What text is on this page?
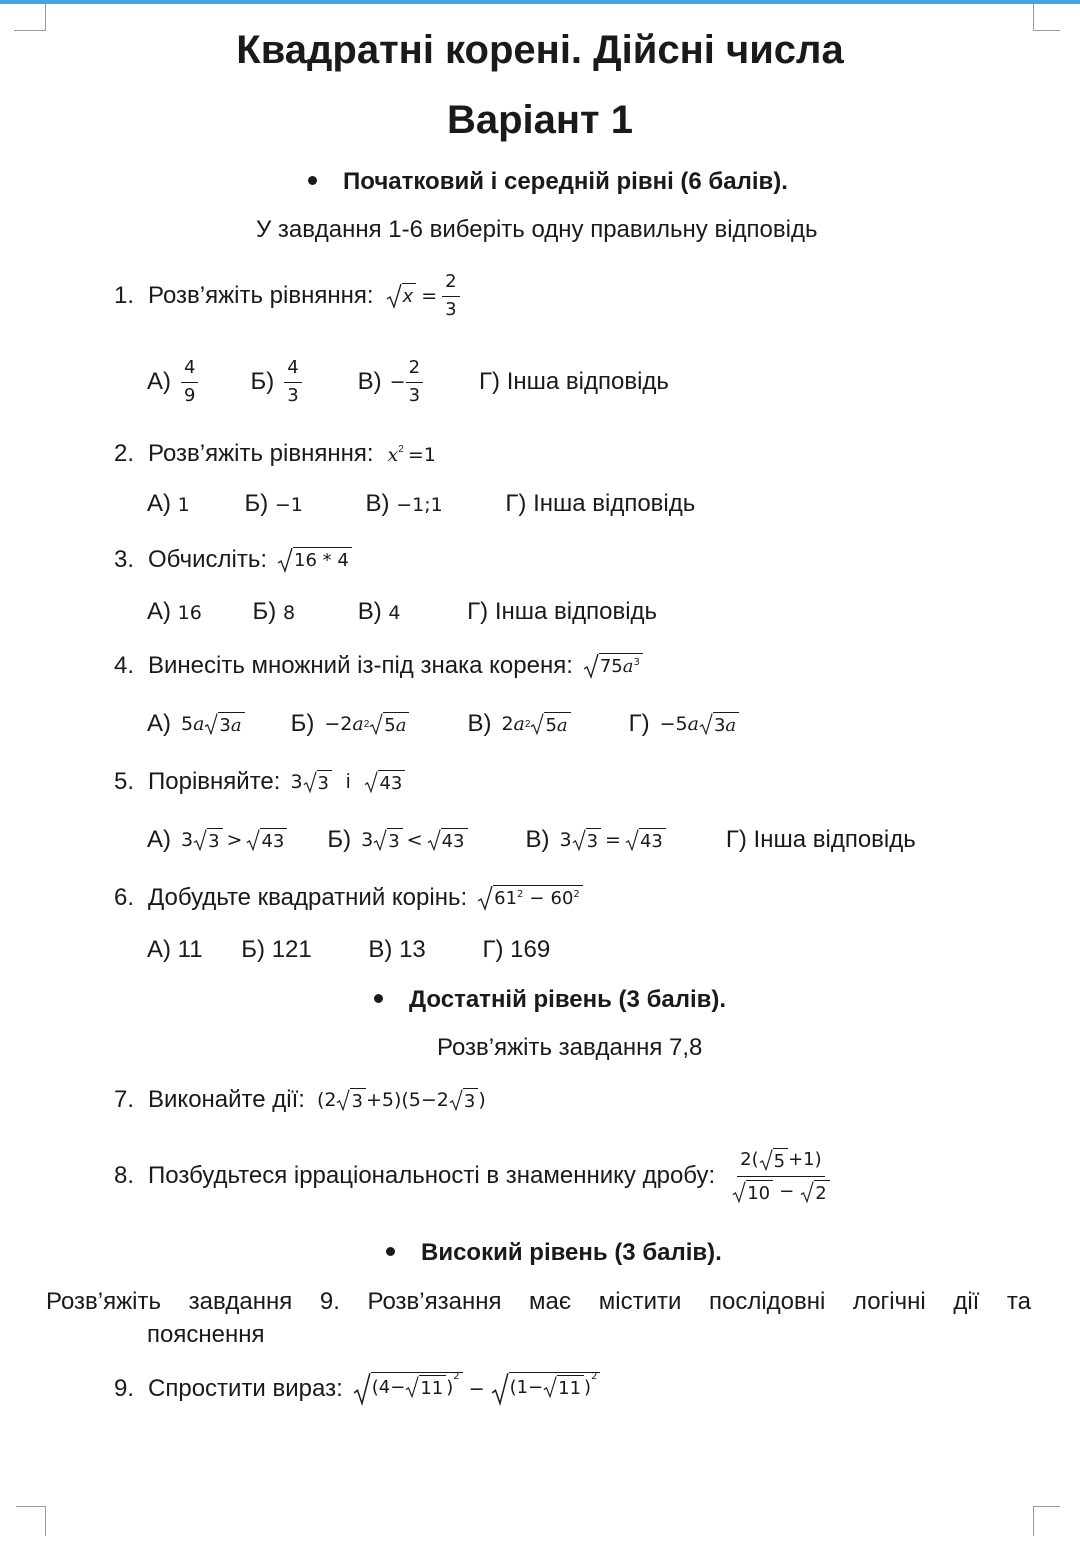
Квадратні корені. Дійсні числа
Варіант 1
Початковий і середній рівні (6 балів).
У завдання 1-6 виберіть одну правильну відповідь
1. Розв’яжіть рівняння: $x = \frac{2}{3}$
$А) \frac{4}{9} Б) \frac{4}{3} В) - \frac{2}{3} Г$) Інша відповідь
2. Розв’яжіть рівняння: $x^2 =1$
А) 1 Б) −1	В) −1;1	Г) Інша відповідь
3. Обчисліть: 16 * 4
А) 16 Б) 8	В) 4	Г) Інша відповідь
4. Винесіть множний із-під знака кореня: $75a^3$
А) 5 a 3a Б) −2 a 2 5a	В) 2 a 2 5a	Г) −5 a 3a
5. Порівняйте: 3 3 і 43
А) 3 3 > 43 Б) 3 3 < 43	В) 3 3 = 43	Г) Інша відповідь
6. Добудьте квадратний корінь: $61^2 - 60^2$
А) 11 Б) 121 В) 13 Г) 169
Достатній рівень (3 балів).
Розв’яжіть завдання 7,8
7. Виконайте дії: (2 3 +5)(5−2 3 )
8. Позбудьтеся ірраціональності в знаменнику дробу: $\frac{2( 5 +1)}{10 - 2}$
Високий рівень (3 балів).
Розв’яжіть завдання 9. Розв’язання має містити послідовні логічні дії та
пояснення
9. Спростити вираз: (4− 11 )$^2$
− (1− 11 )$^2$
